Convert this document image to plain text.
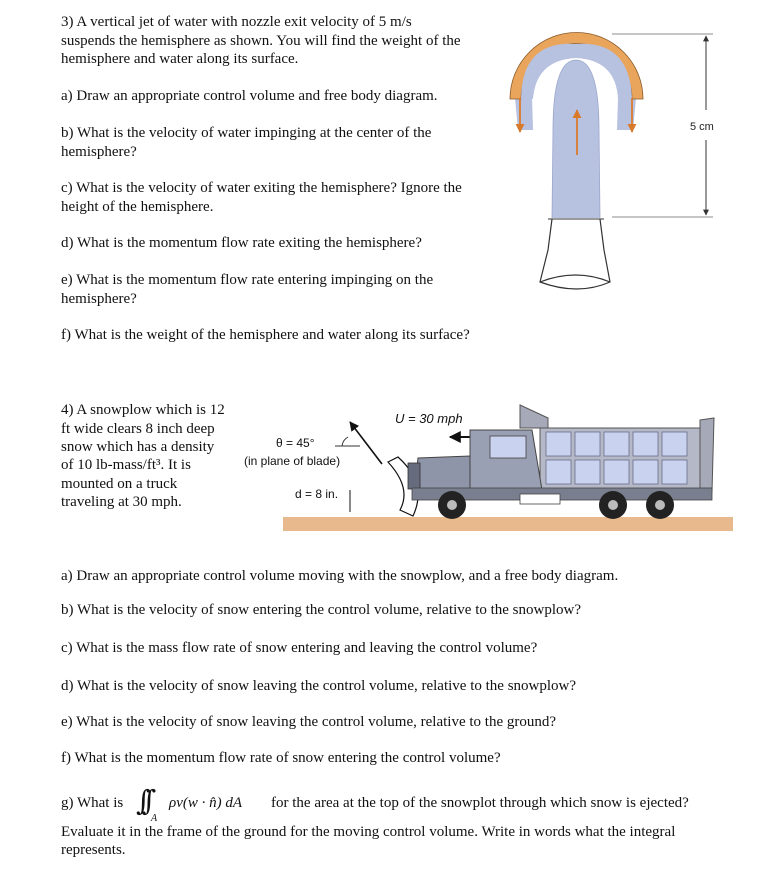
3) A vertical jet of water with nozzle exit velocity of 5 m/s
suspends the hemisphere as shown. You will find the weight of the
hemisphere and water along its surface.
a) Draw an appropriate control volume and free body diagram.
b) What is the velocity of water impinging at the center of the
hemisphere?
c) What is the velocity of water exiting the hemisphere? Ignore the
height of the hemisphere.
d) What is the momentum flow rate exiting the hemisphere?
e) What is the momentum flow rate entering impinging on the
hemisphere?
f) What is the weight of the hemisphere and water along its surface?
5 cm
4) A snowplow which is 12
ft wide clears 8 inch deep
snow which has a density
of 10 lb-mass/ft³. It is
mounted on a truck
traveling at 30 mph.
U = 30 mph
θ = 45°
(in plane of blade)
d = 8 in.
a) Draw an appropriate control volume moving with the snowplow, and a free body diagram.
b) What is the velocity of snow entering the control volume, relative to the snowplow?
c) What is the mass flow rate of snow entering and leaving the control volume?
d) What is the velocity of snow leaving the control volume, relative to the snowplow?
e) What is the velocity of snow leaving the control volume, relative to the ground?
f) What is the momentum flow rate of snow entering the control volume?
g) What is ∫∫
A
ρv(w · n̂) dA for the area at the top of the snowplot through which snow is ejected?
Evaluate it in the frame of the ground for the moving control volume. Write in words what the integral
represents.
